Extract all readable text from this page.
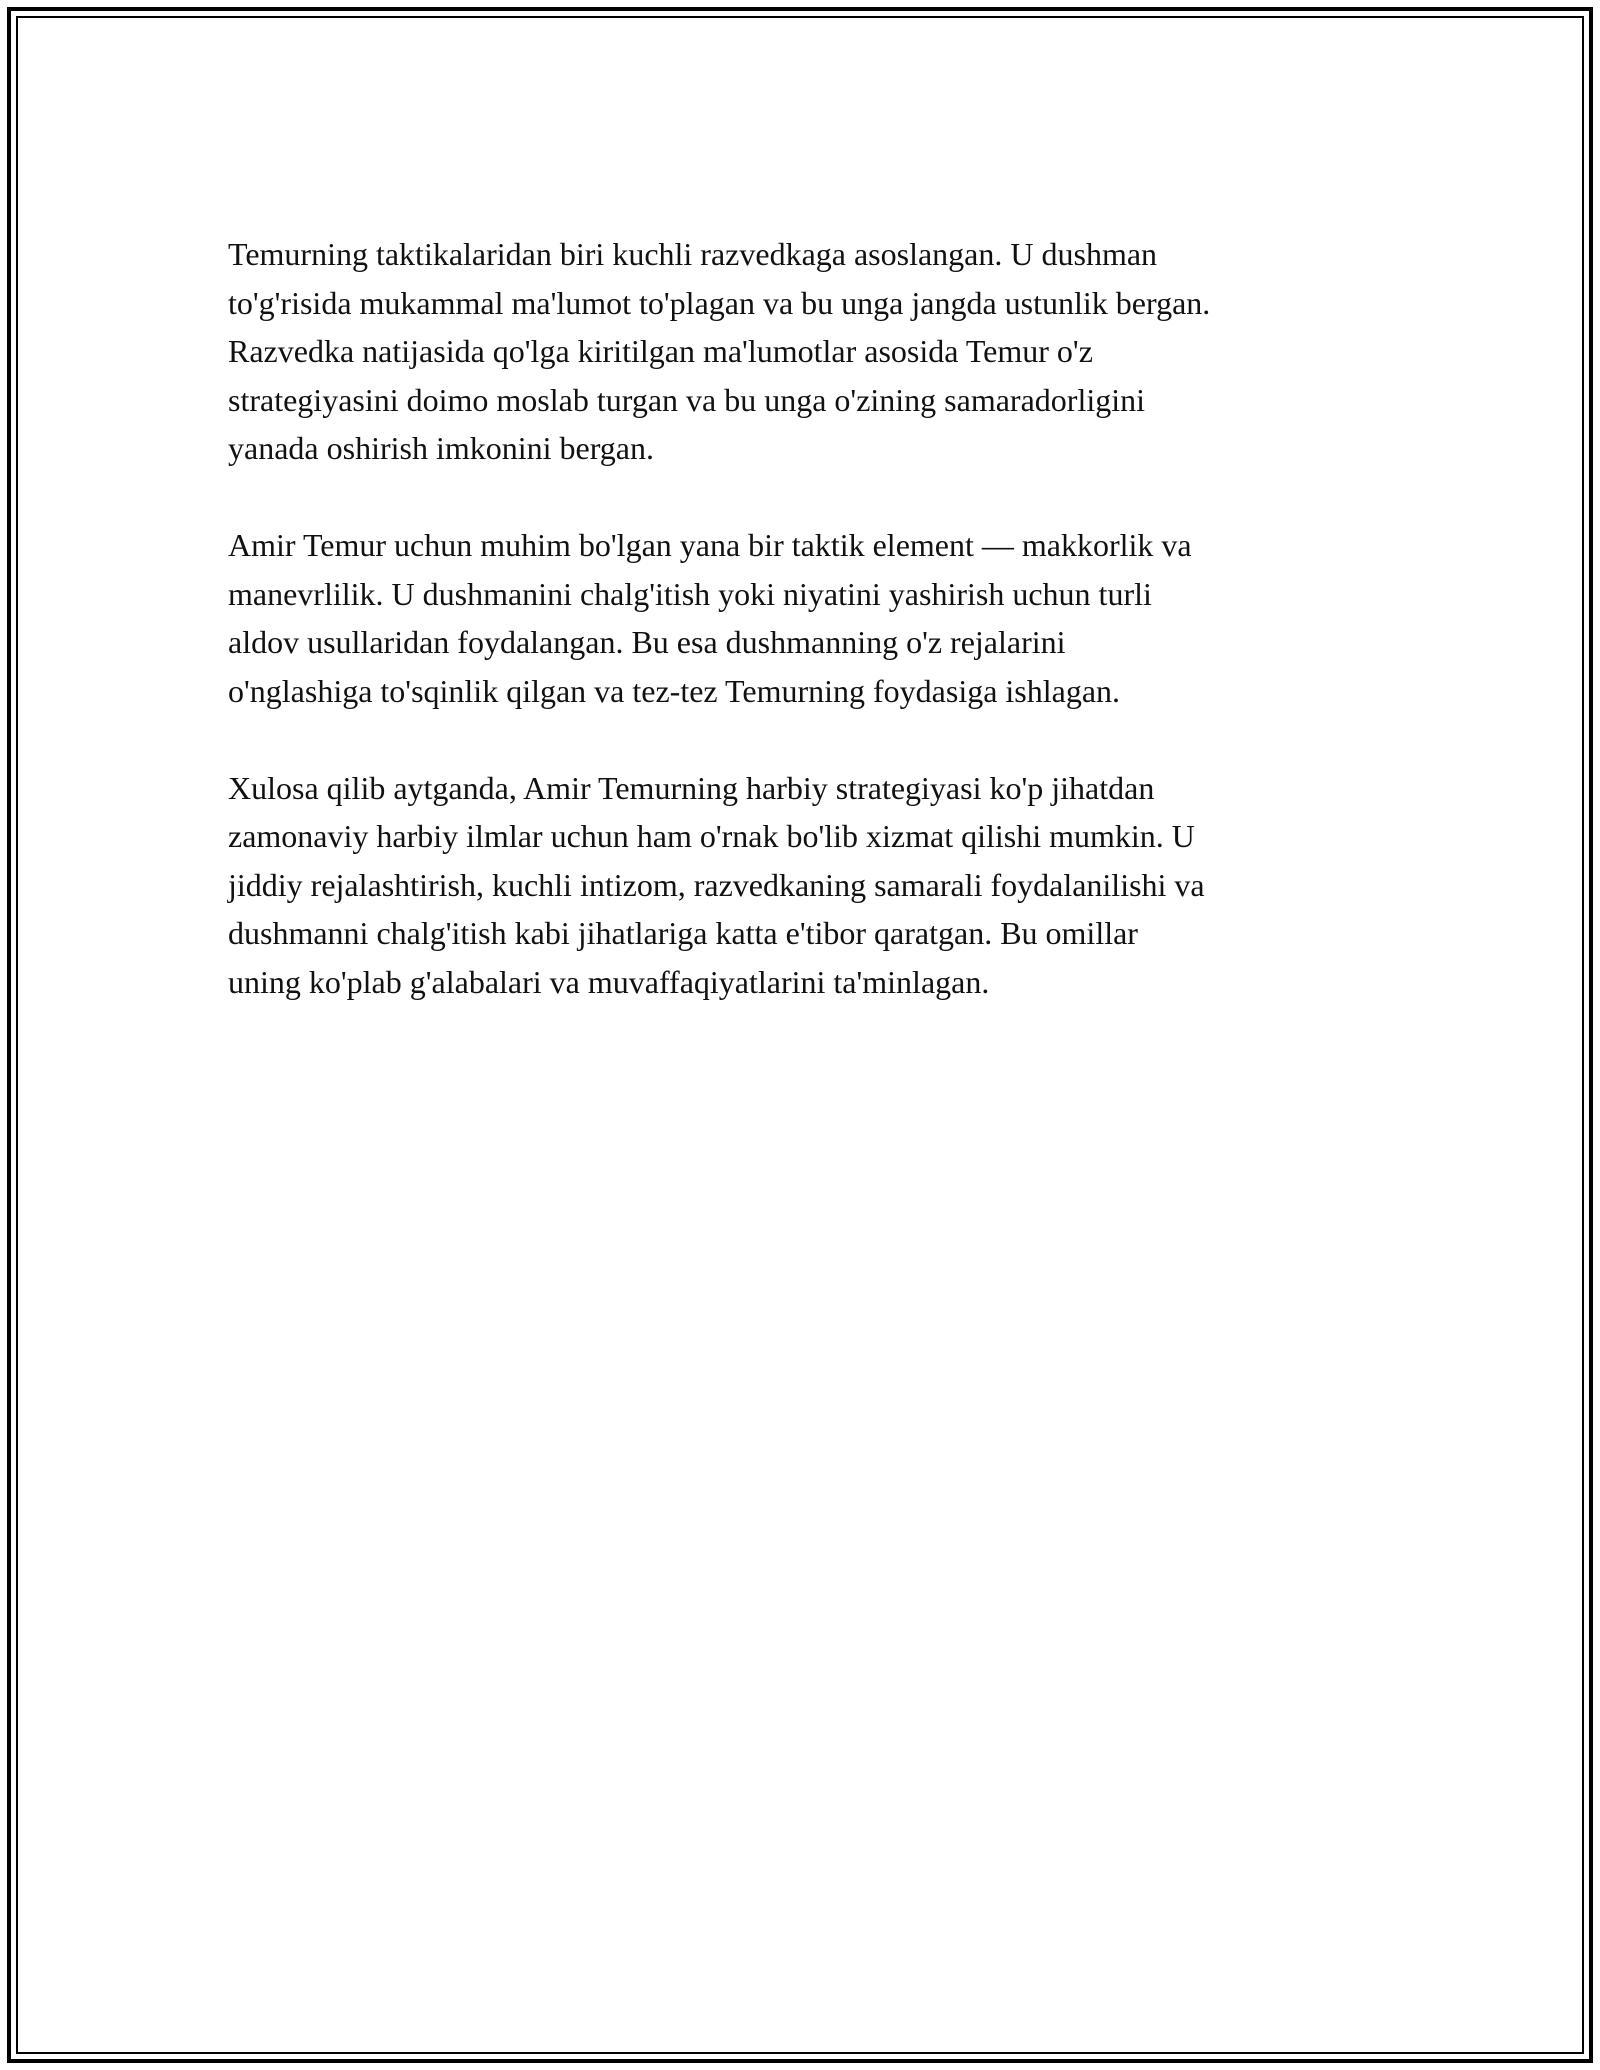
Temurning taktikalaridan biri kuchli razvedkaga asoslangan. U dushman
to'g'risida mukammal ma'lumot to'plagan va bu unga jangda ustunlik bergan.
Razvedka natijasida qo'lga kiritilgan ma'lumotlar asosida Temur o'z
strategiyasini doimo moslab turgan va bu unga o'zining samaradorligini
yanada oshirish imkonini bergan.

Amir Temur uchun muhim bo'lgan yana bir taktik element — makkorlik va
manevrlilik. U dushmanini chalg'itish yoki niyatini yashirish uchun turli
aldov usullaridan foydalangan. Bu esa dushmanning o'z rejalarini
o'nglashiga to'sqinlik qilgan va tez-tez Temurning foydasiga ishlagan.

Xulosa qilib aytganda, Amir Temurning harbiy strategiyasi ko'p jihatdan
zamonaviy harbiy ilmlar uchun ham o'rnak bo'lib xizmat qilishi mumkin. U
jiddiy rejalashtirish, kuchli intizom, razvedkaning samarali foydalanilishi va
dushmanni chalg'itish kabi jihatlariga katta e'tibor qaratgan. Bu omillar
uning ko'plab g'alabalari va muvaffaqiyatlarini ta'minlagan.
